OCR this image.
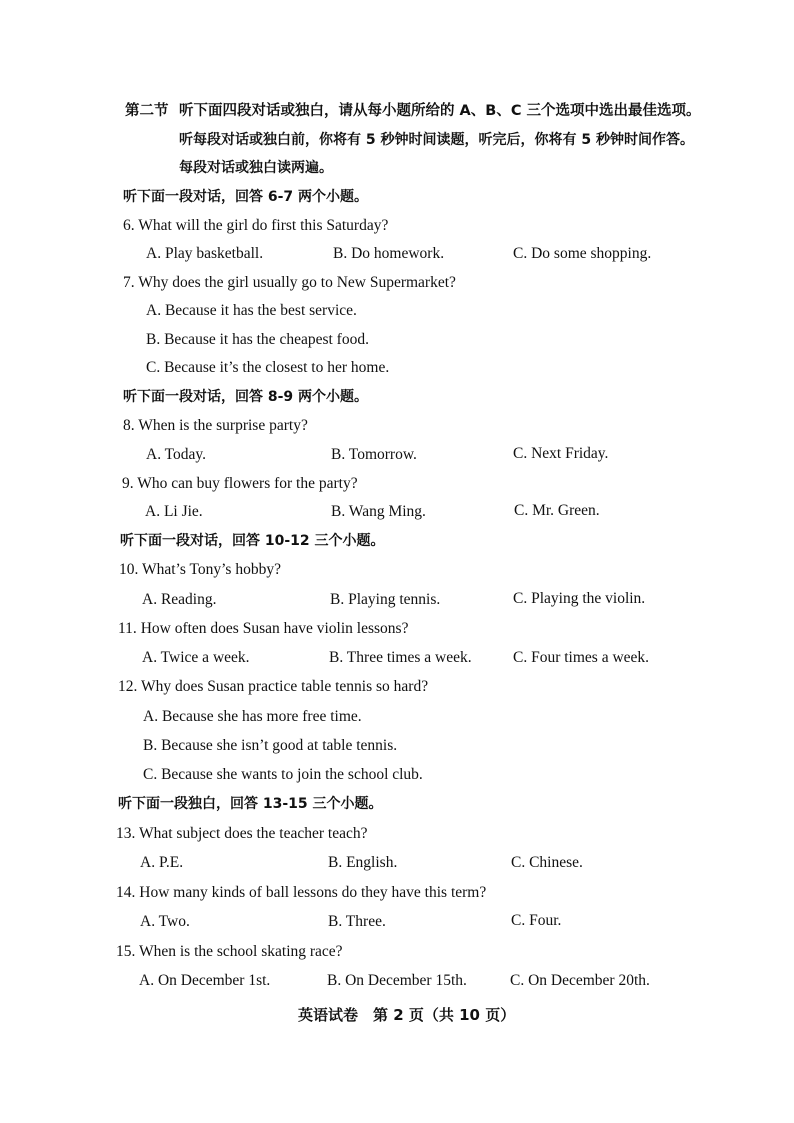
第二节 听下面四段对话或独白，请从每小题所给的 A、B、C 三个选项中选出最佳选项。
听每段对话或独白前，你将有 5 秒钟时间读题，听完后，你将有 5 秒钟时间作答。
每段对话或独白读两遍。
听下面一段对话，回答 6-7 两个小题。
6. What will the girl do first this Saturday?
A. Play basketball.	B. Do homework.	C. Do some shopping.
7. Why does the girl usually go to New Supermarket?
A. Because it has the best service.
B. Because it has the cheapest food.
C. Because it’s the closest to her home.
听下面一段对话，回答 8-9 两个小题。
8. When is the surprise party?
A. Today.	B. Tomorrow.	C. Next Friday.
9. Who can buy flowers for the party?
A. Li Jie.	B. Wang Ming.	C. Mr. Green.
听下面一段对话，回答 10-12 三个小题。
10. What’s Tony’s hobby?
A. Reading.	B. Playing tennis.	C. Playing the violin.
11. How often does Susan have violin lessons?
A. Twice a week.	B. Three times a week.	C. Four times a week.
12. Why does Susan practice table tennis so hard?
A. Because she has more free time.
B. Because she isn’t good at table tennis.
C. Because she wants to join the school club.
听下面一段独白，回答 13-15 三个小题。
13. What subject does the teacher teach?
A. P.E.	B. English.	C. Chinese.
14. How many kinds of ball lessons do they have this term?
A. Two.	B. Three.	C. Four.
15. When is the school skating race?
A. On December 1st.	B. On December 15th.	C. On December 20th.
英语试卷　第 2 页（共 10 页）
